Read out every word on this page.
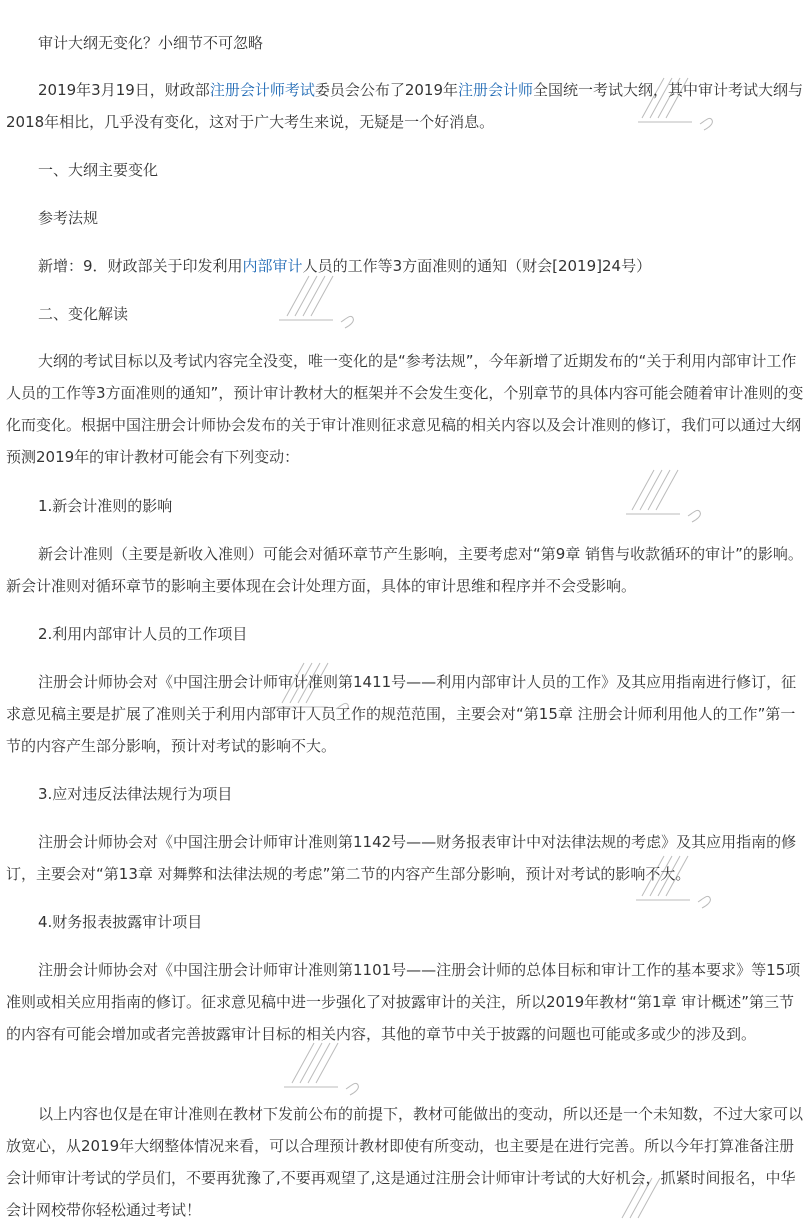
审计大纲无变化？小细节不可忽略

2019年3月19日，财政部注册会计师考试委员会公布了2019年注册会计师全国统一考试大纲，其中审计考试大纲与2018年相比，几乎没有变化，这对于广大考生来说，无疑是一个好消息。

一、大纲主要变化
参考法规
新增：9．财政部关于印发利用内部审计人员的工作等3方面准则的通知（财会[2019]24号）
二、变化解读

大纲的考试目标以及考试内容完全没变，唯一变化的是“参考法规”，今年新增了近期发布的“关于利用内部审计工作人员的工作等3方面准则的通知”，预计审计教材大的框架并不会发生变化，个别章节的具体内容可能会随着审计准则的变化而变化。根据中国注册会计师协会发布的关于审计准则征求意见稿的相关内容以及会计准则的修订，我们可以通过大纲预测2019年的审计教材可能会有下列变动：

1.新会计准则的影响

新会计准则（主要是新收入准则）可能会对循环章节产生影响，主要考虑对“第9章 销售与收款循环的审计”的影响。新会计准则对循环章节的影响主要体现在会计处理方面，具体的审计思维和程序并不会受影响。

2.利用内部审计人员的工作项目

注册会计师协会对《中国注册会计师审计准则第1411号——利用内部审计人员的工作》及其应用指南进行修订，征求意见稿主要是扩展了准则关于利用内部审计人员工作的规范范围，主要会对“第15章 注册会计师利用他人的工作”第一节的内容产生部分影响，预计对考试的影响不大。

3.应对违反法律法规行为项目

注册会计师协会对《中国注册会计师审计准则第1142号——财务报表审计中对法律法规的考虑》及其应用指南的修订，主要会对“第13章 对舞弊和法律法规的考虑”第二节的内容产生部分影响，预计对考试的影响不大。

4.财务报表披露审计项目

注册会计师协会对《中国注册会计师审计准则第1101号——注册会计师的总体目标和审计工作的基本要求》等15项准则或相关应用指南的修订。征求意见稿中进一步强化了对披露审计的关注，所以2019年教材“第1章 审计概述”第三节的内容有可能会增加或者完善披露审计目标的相关内容，其他的章节中关于披露的问题也可能或多或少的涉及到。

以上内容也仅是在审计准则在教材下发前公布的前提下，教材可能做出的变动，所以还是一个未知数，不过大家可以放宽心，从2019年大纲整体情况来看，可以合理预计教材即使有所变动，也主要是在进行完善。所以今年打算准备注册会计师审计考试的学员们，不要再犹豫了,不要再观望了,这是通过注册会计师审计考试的大好机会，抓紧时间报名，中华会计网校带你轻松通过考试！
